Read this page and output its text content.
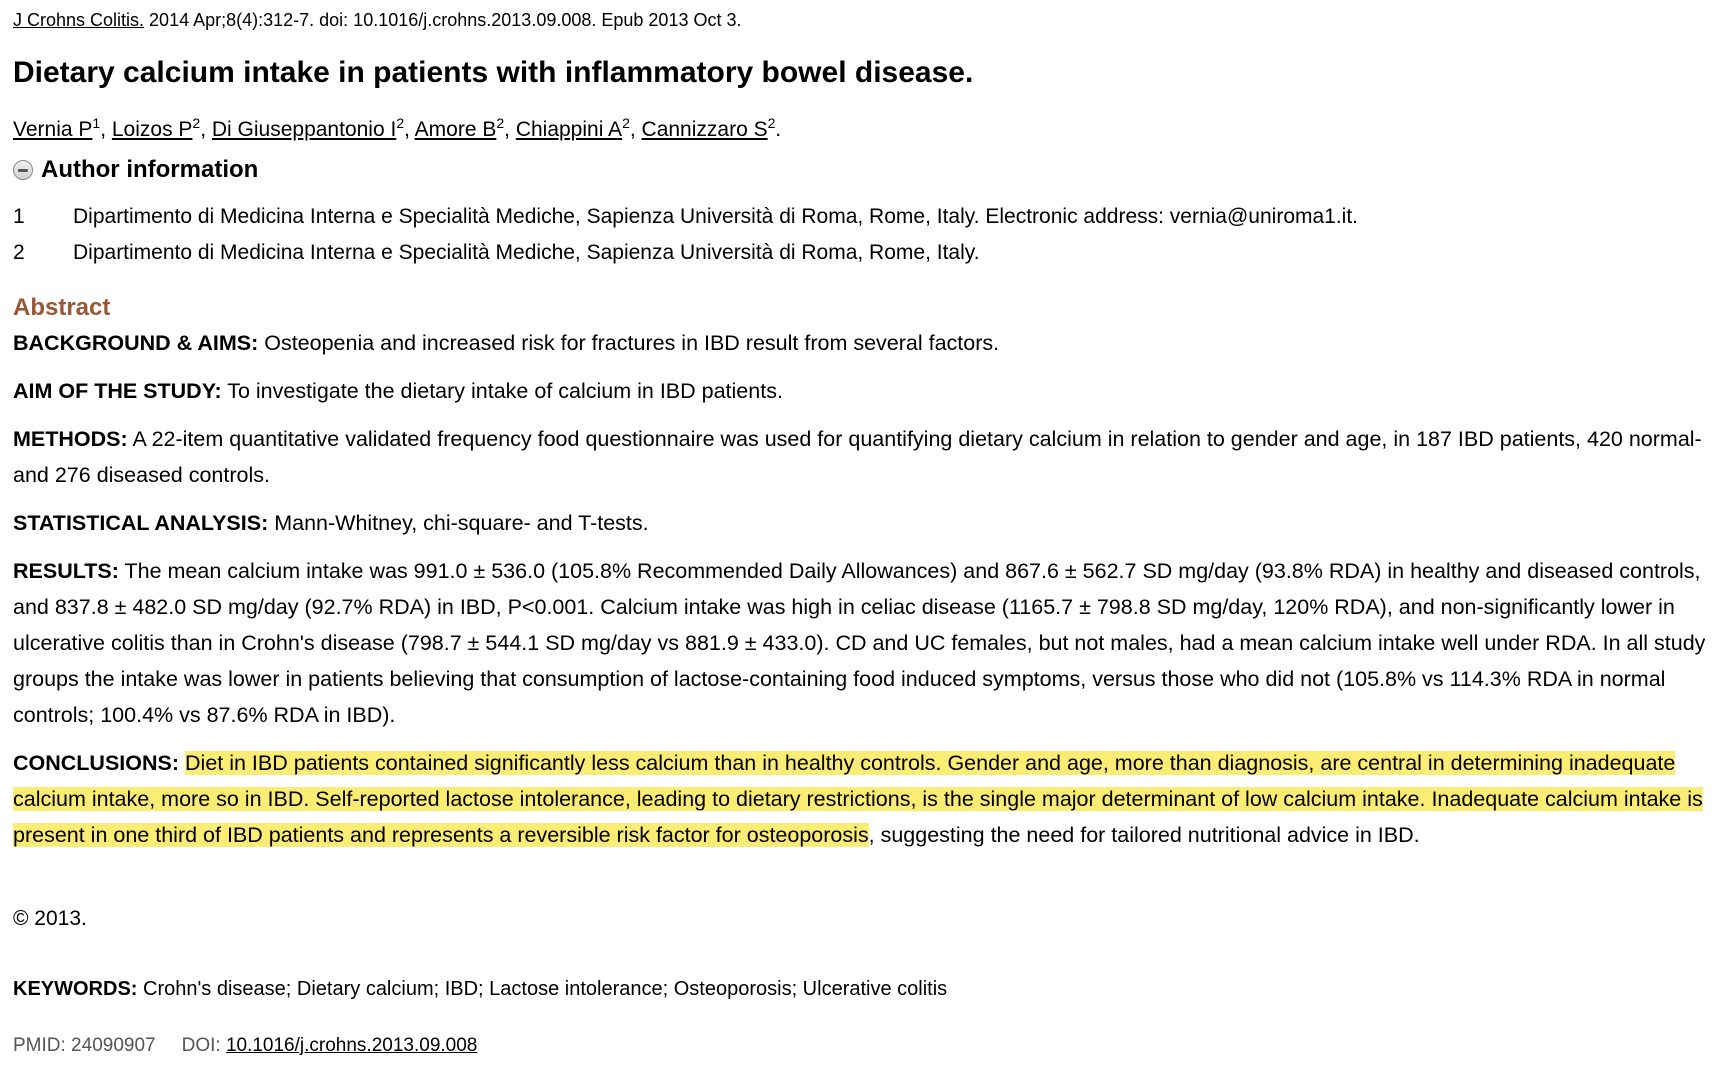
J Crohns Colitis. 2014 Apr;8(4):312-7. doi: 10.1016/j.crohns.2013.09.008. Epub 2013 Oct 3.
Dietary calcium intake in patients with inflammatory bowel disease.
Vernia $P^1$, Loizos $P^2$, Di Giuseppantonio $I^2$, Amore $B^2$, Chiappini $A^2$, Cannizzaro $S^2$.
Author information
1	Dipartimento di Medicina Interna e Specialità Mediche, Sapienza Università di Roma, Rome, Italy. Electronic address: vernia@uniroma1.it.
2	Dipartimento di Medicina Interna e Specialità Mediche, Sapienza Università di Roma, Rome, Italy.
Abstract

BACKGROUND & AIMS: Osteopenia and increased risk for fractures in IBD result from several factors.

AIM OF THE STUDY: To investigate the dietary intake of calcium in IBD patients.

METHODS: A 22-item quantitative validated frequency food questionnaire was used for quantifying dietary calcium in relation to gender and age, in 187 IBD patients, 420 normal- and 276 diseased controls.

STATISTICAL ANALYSIS: Mann-Whitney, chi-square- and T-tests.

RESULTS: The mean calcium intake was 991.0 ± 536.0 (105.8% Recommended Daily Allowances) and 867.6 ± 562.7 SD mg/day (93.8% RDA) in healthy and diseased controls, and 837.8 ± 482.0 SD mg/day (92.7% RDA) in IBD, P<0.001. Calcium intake was high in celiac disease (1165.7 ± 798.8 SD mg/day, 120% RDA), and non-significantly lower in ulcerative colitis than in Crohn's disease (798.7 ± 544.1 SD mg/day vs 881.9 ± 433.0). CD and UC females, but not males, had a mean calcium intake well under RDA. In all study groups the intake was lower in patients believing that consumption of lactose-containing food induced symptoms, versus those who did not (105.8% vs 114.3% RDA in normal controls; 100.4% vs 87.6% RDA in IBD).

CONCLUSIONS: Diet in IBD patients contained significantly less calcium than in healthy controls. Gender and age, more than diagnosis, are central in determining inadequate calcium intake, more so in IBD. Self-reported lactose intolerance, leading to dietary restrictions, is the single major determinant of low calcium intake. Inadequate calcium intake is present in one third of IBD patients and represents a reversible risk factor for osteoporosis, suggesting the need for tailored nutritional advice in IBD.

© 2013.
KEYWORDS: Crohn's disease; Dietary calcium; IBD; Lactose intolerance; Osteoporosis; Ulcerative colitis
PMID: 24090907 DOI: 10.1016/j.crohns.2013.09.008
